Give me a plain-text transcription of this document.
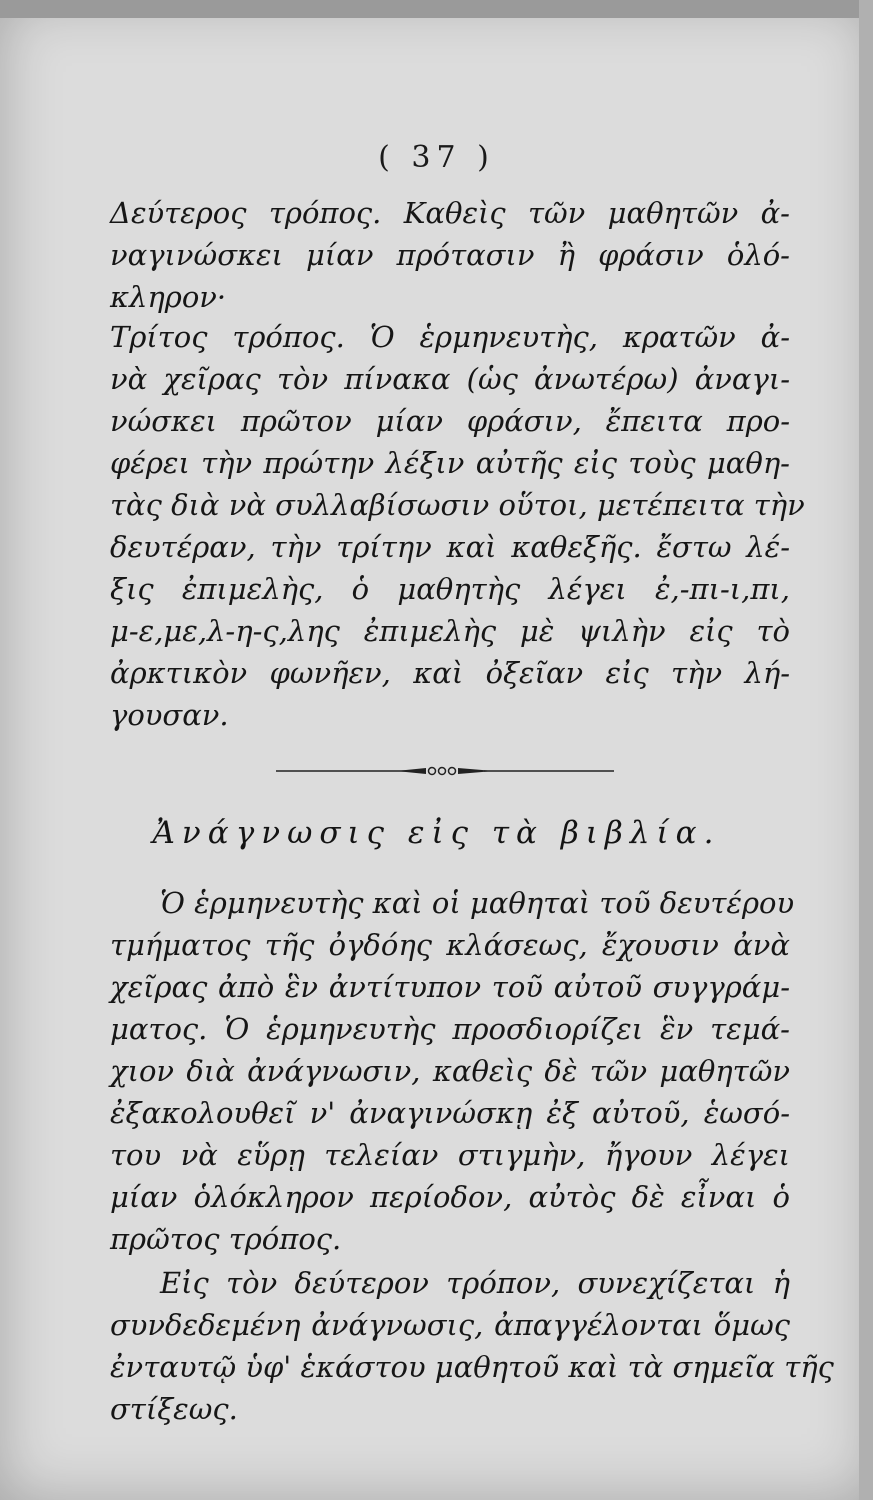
( 37 )
Δεύτερος τρόπος. Καθεὶς τῶν μαθητῶν ἀ-
ναγινώσκει μίαν πρότασιν ἢ φράσιν ὁλό-
κληρον·
Τρίτος τρόπος. Ὁ ἑρμηνευτὴς, κρατῶν ἀ-
νὰ χεῖρας τὸν πίνακα (ὡς ἀνωτέρω) ἀναγι-
νώσκει πρῶτον μίαν φράσιν, ἔπειτα προ-
φέρει τὴν πρώτην λέξιν αὐτῆς εἰς τοὺς μαθη-
τὰς διὰ νὰ συλλαβίσωσιν οὕτοι, μετέπειτα τὴν
δευτέραν, τὴν τρίτην καὶ καθεξῆς. ἔστω λέ-
ξις ἐπιμελὴς, ὁ μαθητὴς λέγει ἐ,-πι-ι,πι,
μ-ε,με,λ-η-ς,λης ἐπιμελὴς μὲ ψιλὴν εἰς τὸ
ἀρκτικὸν φωνῆεν, καὶ ὀξεῖαν εἰς τὴν λή-
γουσαν.
Ἀνάγνωσις εἰς τὰ βιβλία.
Ὁ ἑρμηνευτὴς καὶ οἱ μαθηταὶ τοῦ δευτέρου
τμήματος τῆς ὀγδόης κλάσεως, ἔχουσιν ἀνὰ
χεῖρας ἀπὸ ἓν ἀντίτυπον τοῦ αὐτοῦ συγγράμ-
ματος. Ὁ ἑρμηνευτὴς προσδιορίζει ἓν τεμά-
χιον διὰ ἀνάγνωσιν, καθεὶς δὲ τῶν μαθητῶν
ἐξακολουθεῖ ν' ἀναγινώσκῃ ἐξ αὐτοῦ, ἑωσό-
του νὰ εὕρῃ τελείαν στιγμὴν, ἤγουν λέγει
μίαν ὁλόκληρον περίοδον, αὐτὸς δὲ εἶναι ὁ
πρῶτος τρόπος.
Εἰς τὸν δεύτερον τρόπον, συνεχίζεται ἡ
συνδεδεμένη ἀνάγνωσις, ἀπαγγέλονται ὅμως
ἐνταυτῷ ὑφ' ἑκάστου μαθητοῦ καὶ τὰ σημεῖα τῆς
στίξεως.
